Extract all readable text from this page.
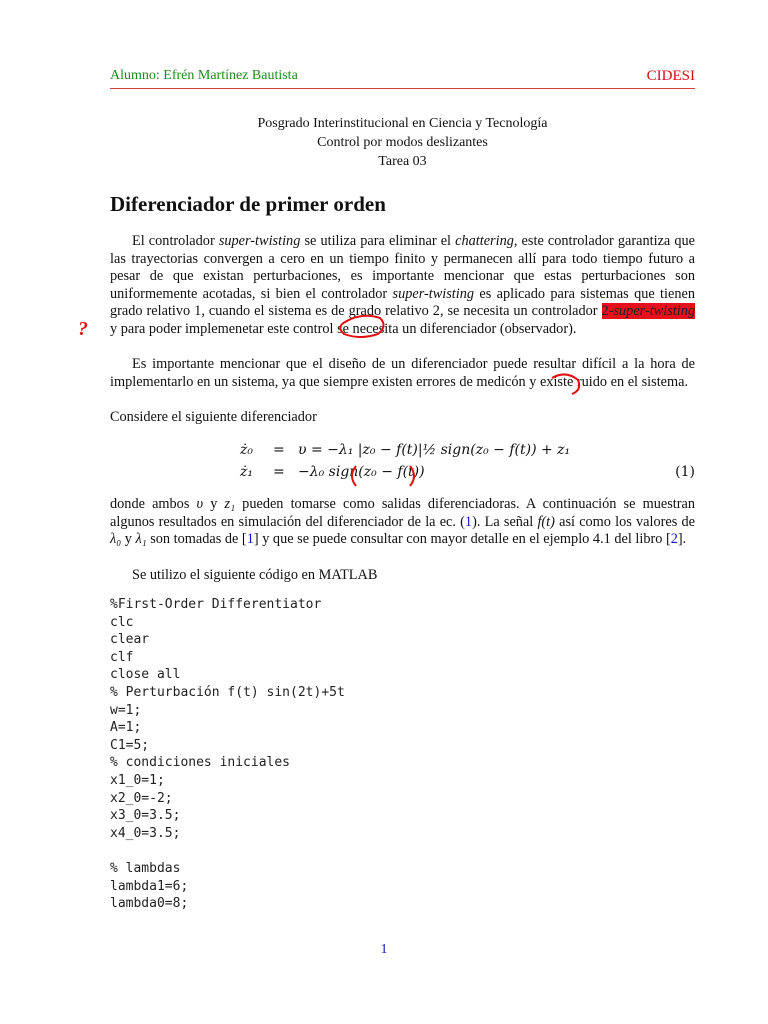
Alumno: Efrén Martínez Bautista	CIDESI
Posgrado Interinstitucional en Ciencia y Tecnología
Control por modos deslizantes
Tarea 03
Diferenciador de primer orden
?
El controlador super-twisting se utiliza para eliminar el chattering, este controlador garantiza que las trayectorias convergen a cero en un tiempo finito y permanecen allí para todo tiempo futuro a pesar de que existan perturbaciones, es importante mencionar que estas perturbaciones son uniformemente acotadas, si bien el controlador super-twisting es aplicado para sistemas que tienen grado relativo 1, cuando el sistema es de grado relativo 2, se necesita un controlador 2-super-twisting y para poder implemenetar este control se necesita un diferenciador (observador).
Es importante mencionar que el diseño de un diferenciador puede resultar difícil a la hora de implementarlo en un sistema, ya que siempre existen errores de medicón y existe ruido en el sistema.
Considere el siguiente diferenciador
ż₀ = υ = −λ₁ |z₀ − f(t)|½ sign(z₀ − f(t)) + z₁
ż₁ = −λ₀ sign(z₀ − f(t))	(1)
donde ambos υ y z₁ pueden tomarse como salidas diferenciadoras. A continuación se muestran algunos resultados en simulación del diferenciador de la ec. (1). La señal f(t) así como los valores de λ₀ y λ₁ son tomadas de [1] y que se puede consultar con mayor detalle en el ejemplo 4.1 del libro [2].
Se utilizo el siguiente código en MATLAB
%First-Order Differentiator
clc
clear
clf
close all
% Perturbación f(t) sin(2t)+5t
w=1;
A=1;
C1=5;
% condiciones iniciales
x1_0=1;
x2_0=-2;
x3_0=3.5;
x4_0=3.5;

% lambdas
lambda1=6;
lambda0=8;
1
